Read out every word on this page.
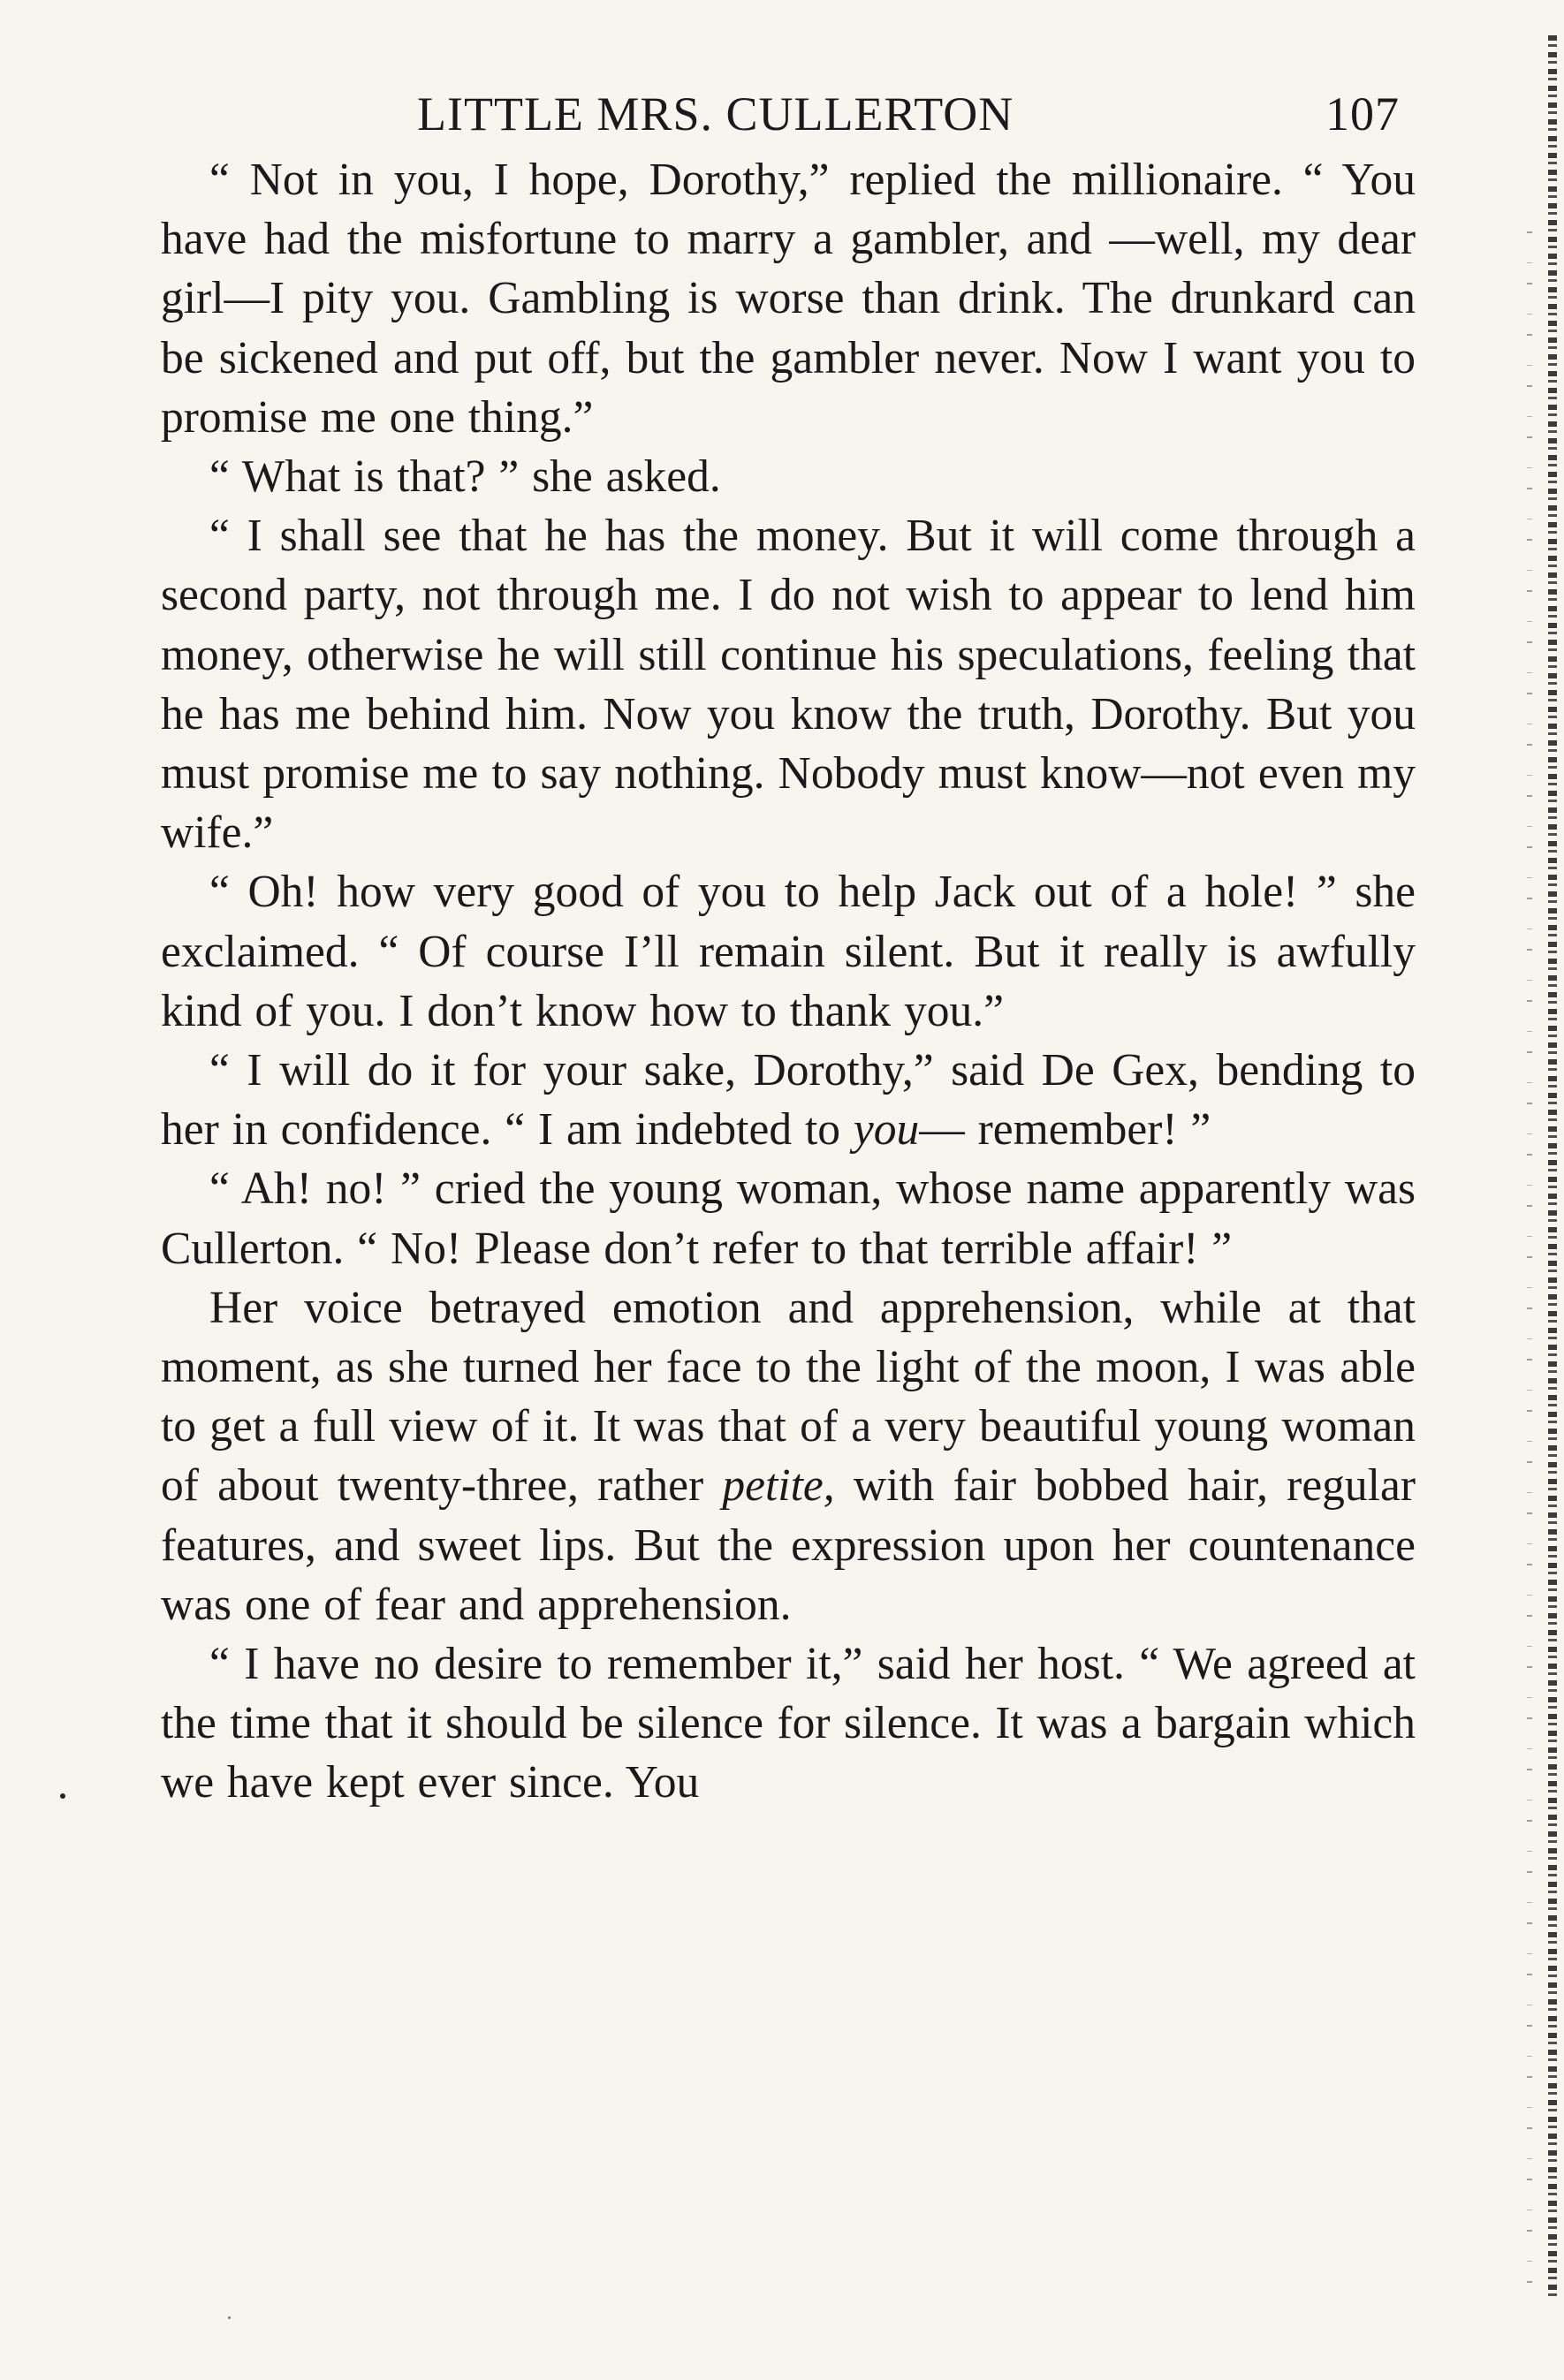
LITTLE MRS. CULLERTON	107

“ Not in you, I hope, Dorothy,” replied the millionaire. “ You have had the misfortune to marry a gambler, and —well, my dear girl—I pity you. Gambling is worse than drink. The drunkard can be sickened and put off, but the gambler never. Now I want you to promise me one thing.”

“ What is that? ” she asked.

“ I shall see that he has the money. But it will come through a second party, not through me. I do not wish to appear to lend him money, otherwise he will still continue his speculations, feeling that he has me behind him. Now you know the truth, Dorothy. But you must promise me to say nothing. Nobody must know—not even my wife.”

“ Oh! how very good of you to help Jack out of a hole! ” she exclaimed. “ Of course I’ll remain silent. But it really is awfully kind of you. I don’t know how to thank you.”

“ I will do it for your sake, Dorothy,” said De Gex, bending to her in confidence. “ I am indebted to you— remember! ”

“ Ah! no! ” cried the young woman, whose name apparently was Cullerton. “ No! Please don’t refer to that terrible affair! ”

Her voice betrayed emotion and apprehension, while at that moment, as she turned her face to the light of the moon, I was able to get a full view of it. It was that of a very beautiful young woman of about twenty-three, rather petite, with fair bobbed hair, regular features, and sweet lips. But the expression upon her countenance was one of fear and apprehension.

“ I have no desire to remember it,” said her host. “ We agreed at the time that it should be silence for silence. It was a bargain which we have kept ever since. You
